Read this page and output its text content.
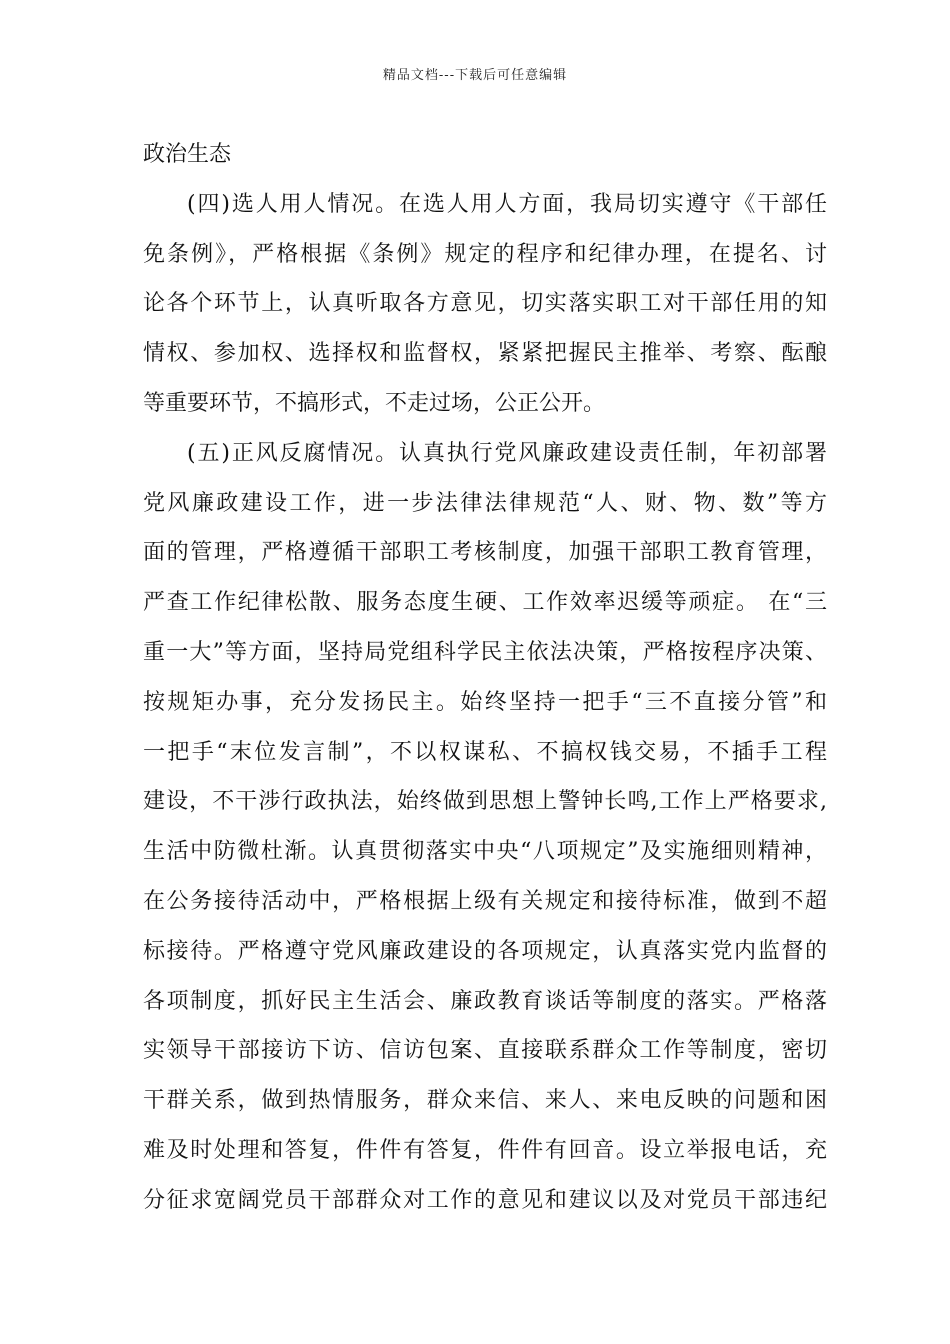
精品文档---下载后可任意编辑
政治生态
(四)选人用人情况。在选人用人方面，我局切实遵守《干部任
免条例》，严格根据《条例》规定的程序和纪律办理，在提名、讨
论各个环节上，认真听取各方意见，切实落实职工对干部任用的知
情权、参加权、选择权和监督权，紧紧把握民主推举、考察、酝酿
等重要环节，不搞形式，不走过场，公正公开。
(五)正风反腐情况。认真执行党风廉政建设责任制，年初部署
党风廉政建设工作，进一步法律法律规范“人、财、物、数”等方
面的管理，严格遵循干部职工考核制度，加强干部职工教育管理，
严查工作纪律松散、服务态度生硬、工作效率迟缓等顽症。 在“三
重一大”等方面，坚持局党组科学民主依法决策，严格按程序决策、
按规矩办事，充分发扬民主。始终坚持一把手“三不直接分管”和
一把手“末位发言制”，不以权谋私、不搞权钱交易，不插手工程
建设，不干涉行政执法，始终做到思想上警钟长鸣,工作上严格要求,
生活中防微杜渐。认真贯彻落实中央“八项规定”及实施细则精神，
在公务接待活动中，严格根据上级有关规定和接待标准，做到不超
标接待。严格遵守党风廉政建设的各项规定，认真落实党内监督的
各项制度，抓好民主生活会、廉政教育谈话等制度的落实。严格落
实领导干部接访下访、信访包案、直接联系群众工作等制度，密切
干群关系，做到热情服务，群众来信、来人、来电反映的问题和困
难及时处理和答复，件件有答复，件件有回音。设立举报电话，充
分征求宽阔党员干部群众对工作的意见和建议以及对党员干部违纪
